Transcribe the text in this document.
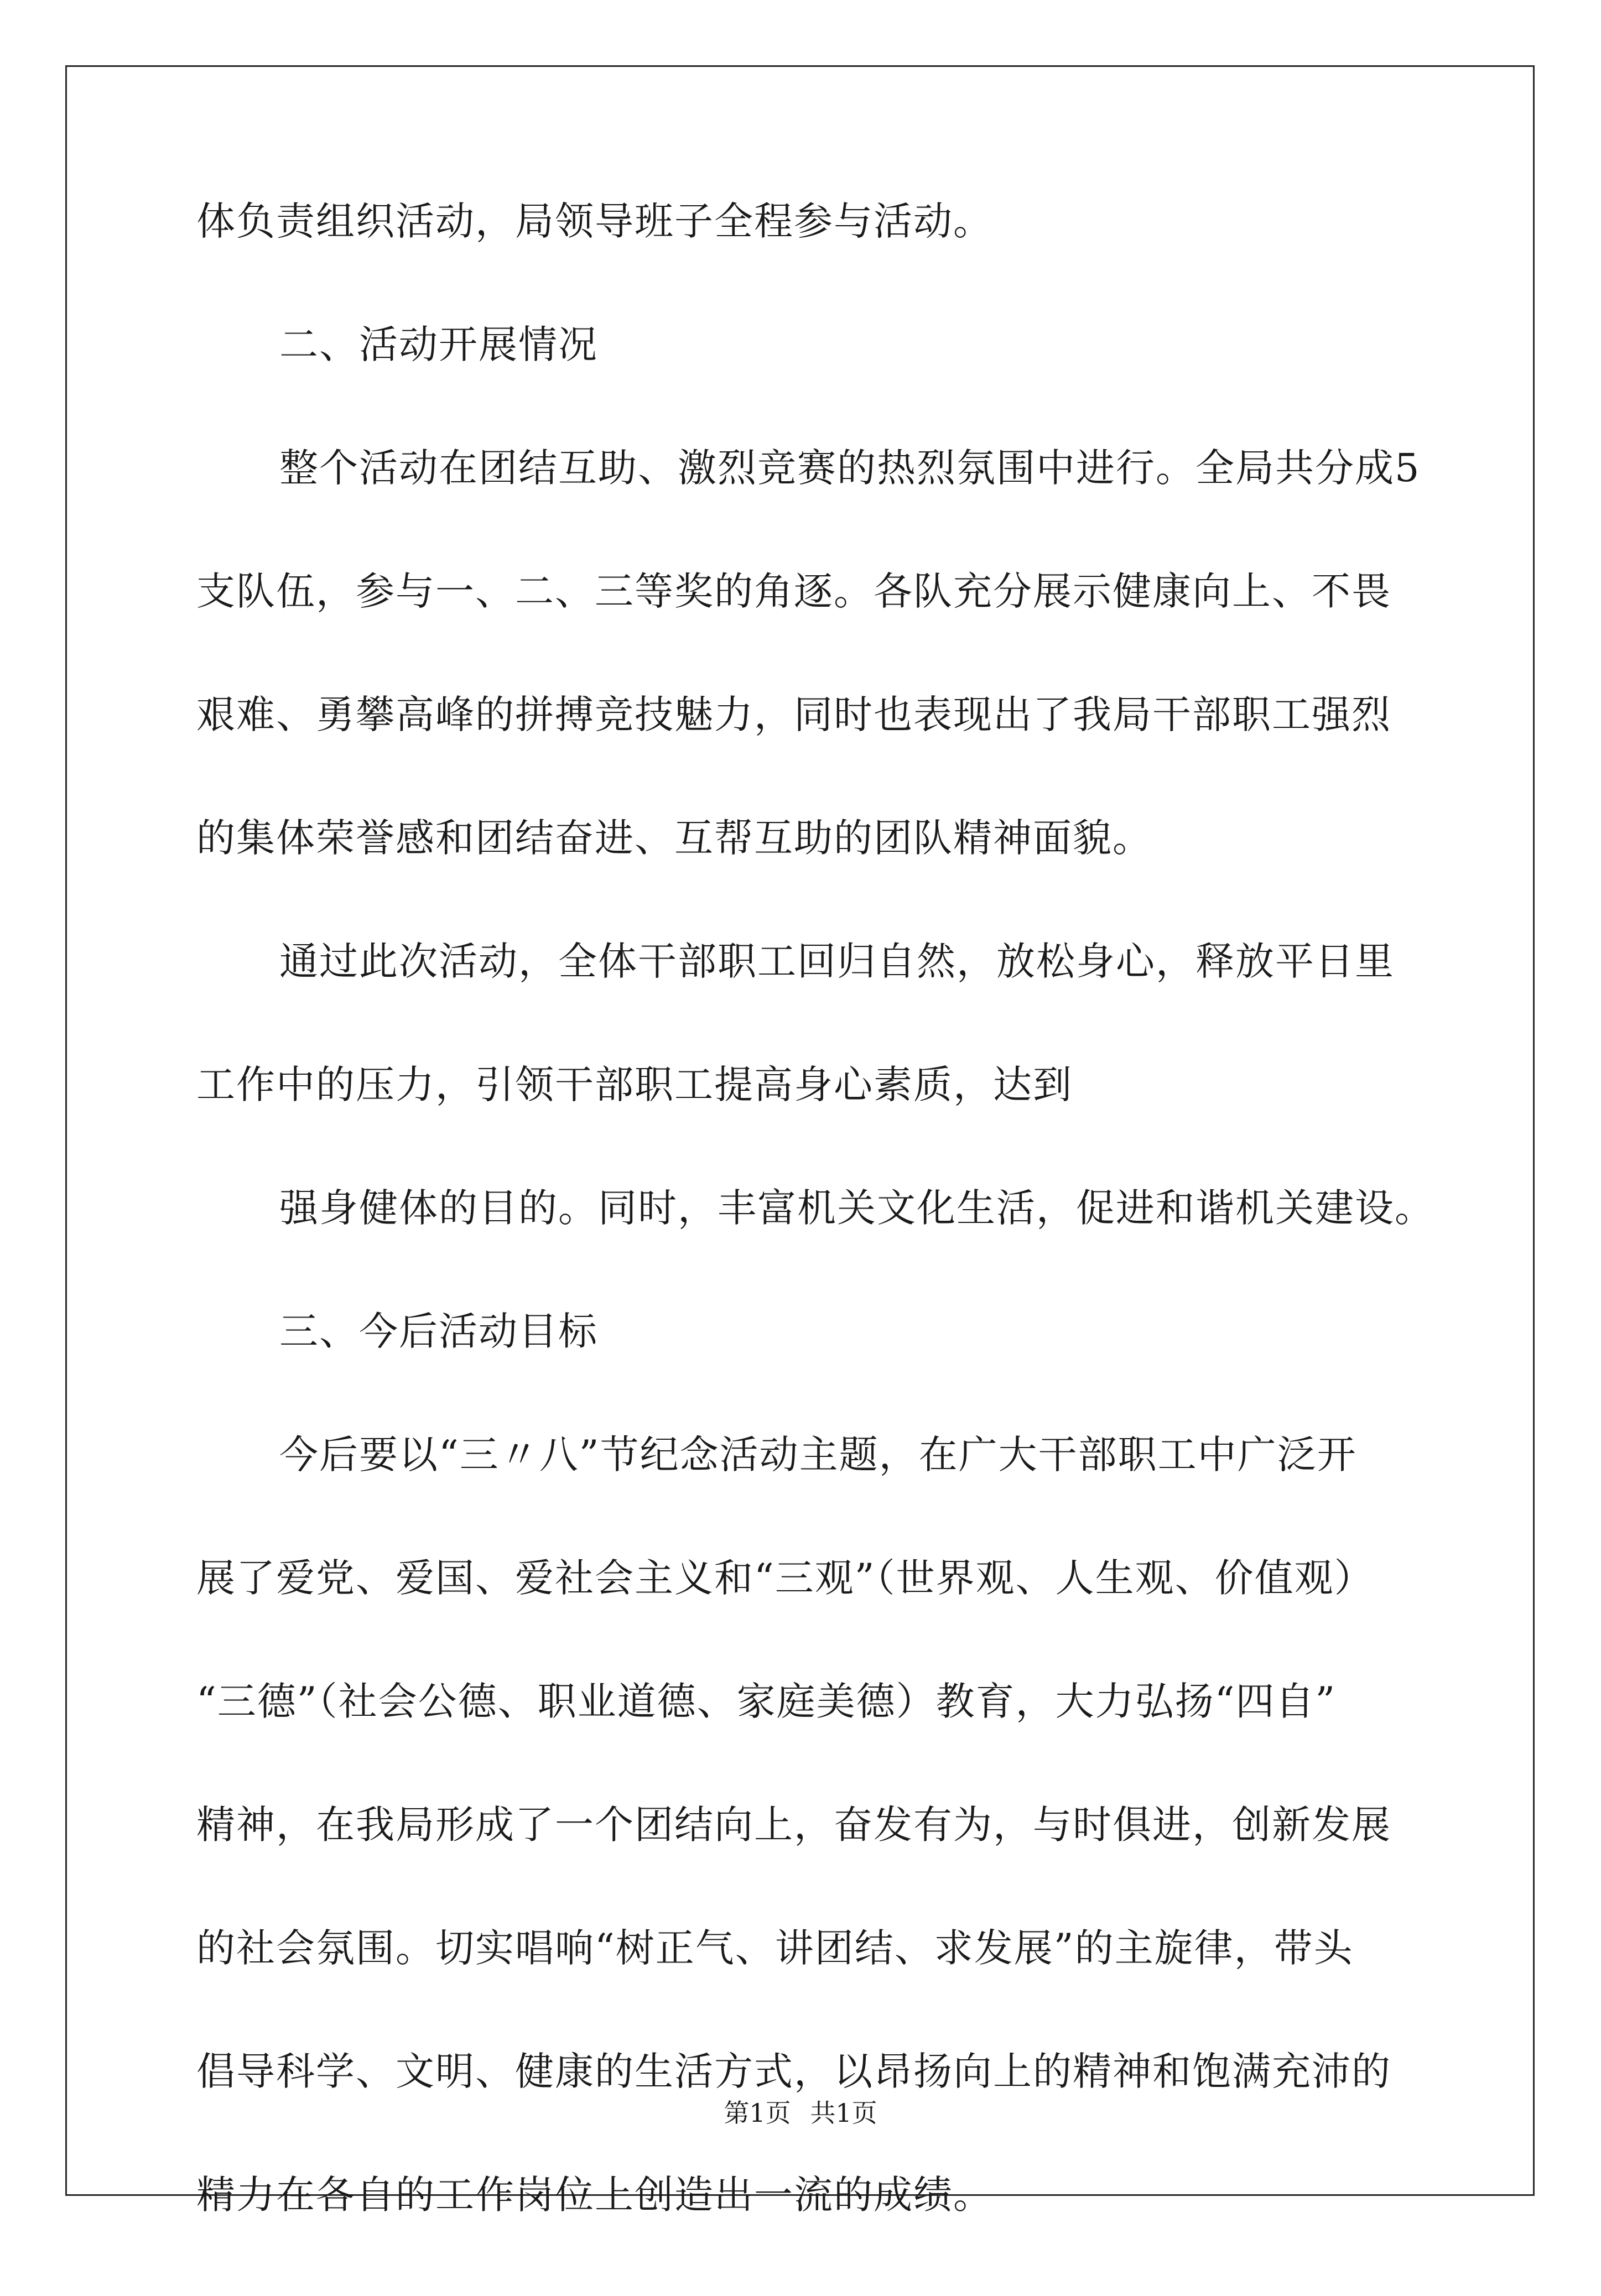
体负责组织活动，局领导班子全程参与活动。

二、活动开展情况

整个活动在团结互助、激烈竞赛的热烈氛围中进行。全局共分成5

支队伍，参与一、二、三等奖的角逐。各队充分展示健康向上、不畏

艰难、勇攀高峰的拼搏竞技魅力，同时也表现出了我局干部职工强烈

的集体荣誉感和团结奋进、互帮互助的团队精神面貌。

通过此次活动，全体干部职工回归自然，放松身心，释放平日里

工作中的压力，引领干部职工提高身心素质，达到

强身健体的目的。同时，丰富机关文化生活，促进和谐机关建设。

三、今后活动目标

今后要以“三〃八”节纪念活动主题，在广大干部职工中广泛开

展了爱党、爱国、爱社会主义和“三观”（世界观、人生观、价值观）

“三德”（社会公德、职业道德、家庭美德）教育，大力弘扬“四自”

精神，在我局形成了一个团结向上，奋发有为，与时俱进，创新发展

的社会氛围。切实唱响“树正气、讲团结、求发展”的主旋律，带头

倡导科学、文明、健康的生活方式，以昂扬向上的精神和饱满充沛的

精力在各自的工作岗位上创造出一流的成绩。

第1页 共1页
